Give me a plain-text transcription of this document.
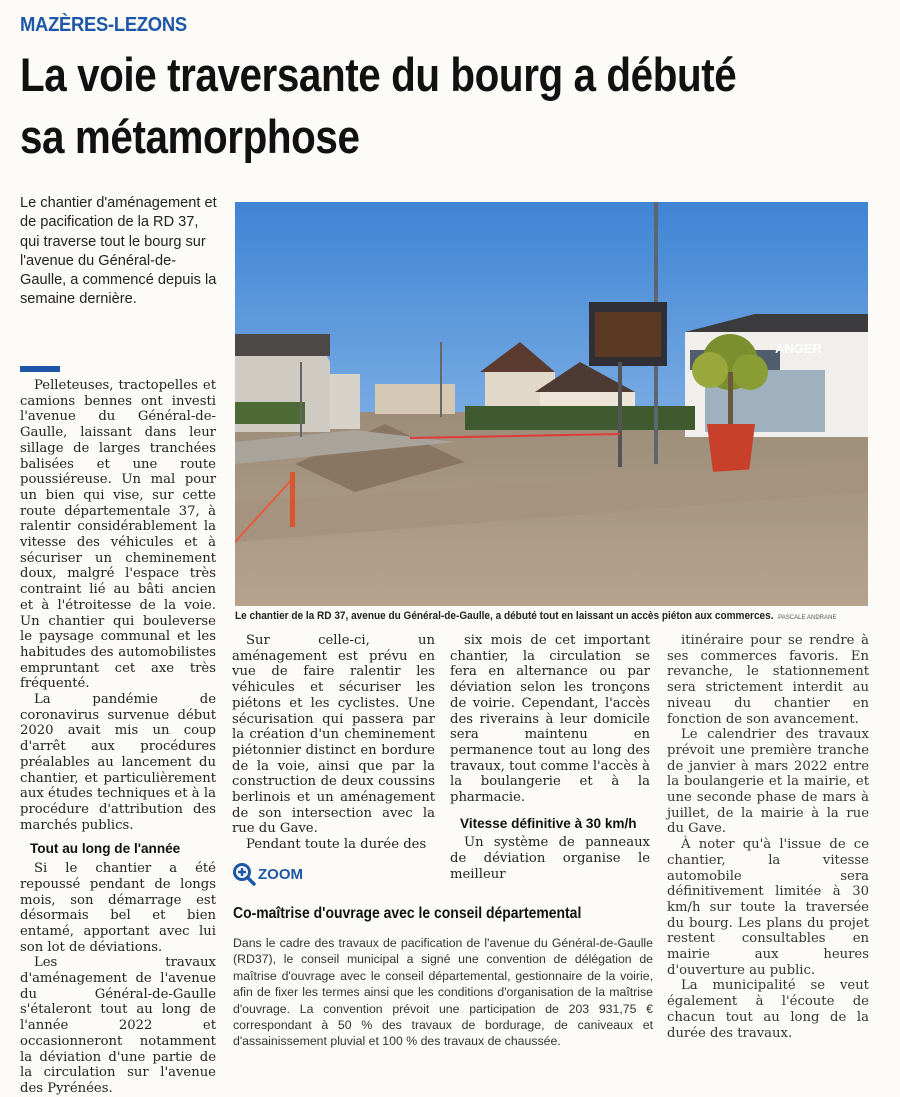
MAZÈRES-LEZONS
La voie traversante du bourg a débuté
sa métamorphose
Le chantier d'aménagement et de pacification de la RD 37, qui traverse tout le bourg sur l'avenue du Général-de-Gaulle, a commencé depuis la semaine dernière.

Pelleteuses, tractopelles et camions bennes ont investi l'avenue du Général-de-Gaulle, laissant dans leur sillage de larges tranchées balisées et une route poussiéreuse. Un mal pour un bien qui vise, sur cette route départementale 37, à ralentir considérablement la vitesse des véhicules et à sécuriser un cheminement doux, malgré l'espace très contraint lié au bâti ancien et à l'étroitesse de la voie. Un chantier qui bouleverse le paysage communal et les habitudes des automobilistes empruntant cet axe très fréquenté.

La pandémie de coronavirus survenue début 2020 avait mis un coup d'arrêt aux procédures préalables au lancement du chantier, et particulièrement aux études techniques et à la procédure d'attribution des marchés publics.

Tout au long de l'année

Si le chantier a été repoussé pendant de longs mois, son démarrage est désormais bel et bien entamé, apportant avec lui son lot de déviations.

Les travaux d'aménagement de l'avenue du Général-de-Gaulle s'étaleront tout au long de l'année 2022 et occasionneront notamment la déviation d'une partie de la circulation sur l'avenue des Pyrénées.

ANGER
Le chantier de la RD 37, avenue du Général-de-Gaulle, a débuté tout en laissant un accès piéton aux commerces. PASCALE ANDRANE

Sur celle-ci, un aménagement est prévu en vue de faire ralentir les véhicules et sécuriser les piétons et les cyclistes. Une sécurisation qui passera par la création d'un cheminement piétonnier distinct en bordure de la voie, ainsi que par la construction de deux coussins berlinois et un aménagement de son intersection avec la rue du Gave.

Pendant toute la durée des

six mois de cet important chantier, la circulation se fera en alternance ou par déviation selon les tronçons de voirie. Cependant, l'accès des riverains à leur domicile sera maintenu en permanence tout au long des travaux, tout comme l'accès à la boulangerie et à la pharmacie.

Vitesse définitive à 30 km/h

Un système de panneaux de déviation organise le meilleur

itinéraire pour se rendre à ses commerces favoris. En revanche, le stationnement sera strictement interdit au niveau du chantier en fonction de son avancement.

Le calendrier des travaux prévoit une première tranche de janvier à mars 2022 entre la boulangerie et la mairie, et une seconde phase de mars à juillet, de la mairie à la rue du Gave.

À noter qu'à l'issue de ce chantier, la vitesse automobile sera définitivement limitée à 30 km/h sur toute la traversée du bourg. Les plans du projet restent consultables en mairie aux heures d'ouverture au public.

La municipalité se veut également à l'écoute de chacun tout au long de la durée des travaux.

ZOOM
Co-maîtrise d'ouvrage avec le conseil départemental
Dans le cadre des travaux de pacification de l'avenue du Général-de-Gaulle (RD37), le conseil municipal a signé une convention de délégation de maîtrise d'ouvrage avec le conseil départemental, gestionnaire de la voirie, afin de fixer les termes ainsi que les conditions d'organisation de la maîtrise d'ouvrage. La convention prévoit une participation de 203 931,75 € correspondant à 50 % des travaux de bordurage, de caniveaux et d'assainissement pluvial et 100 % des travaux de chaussée.
